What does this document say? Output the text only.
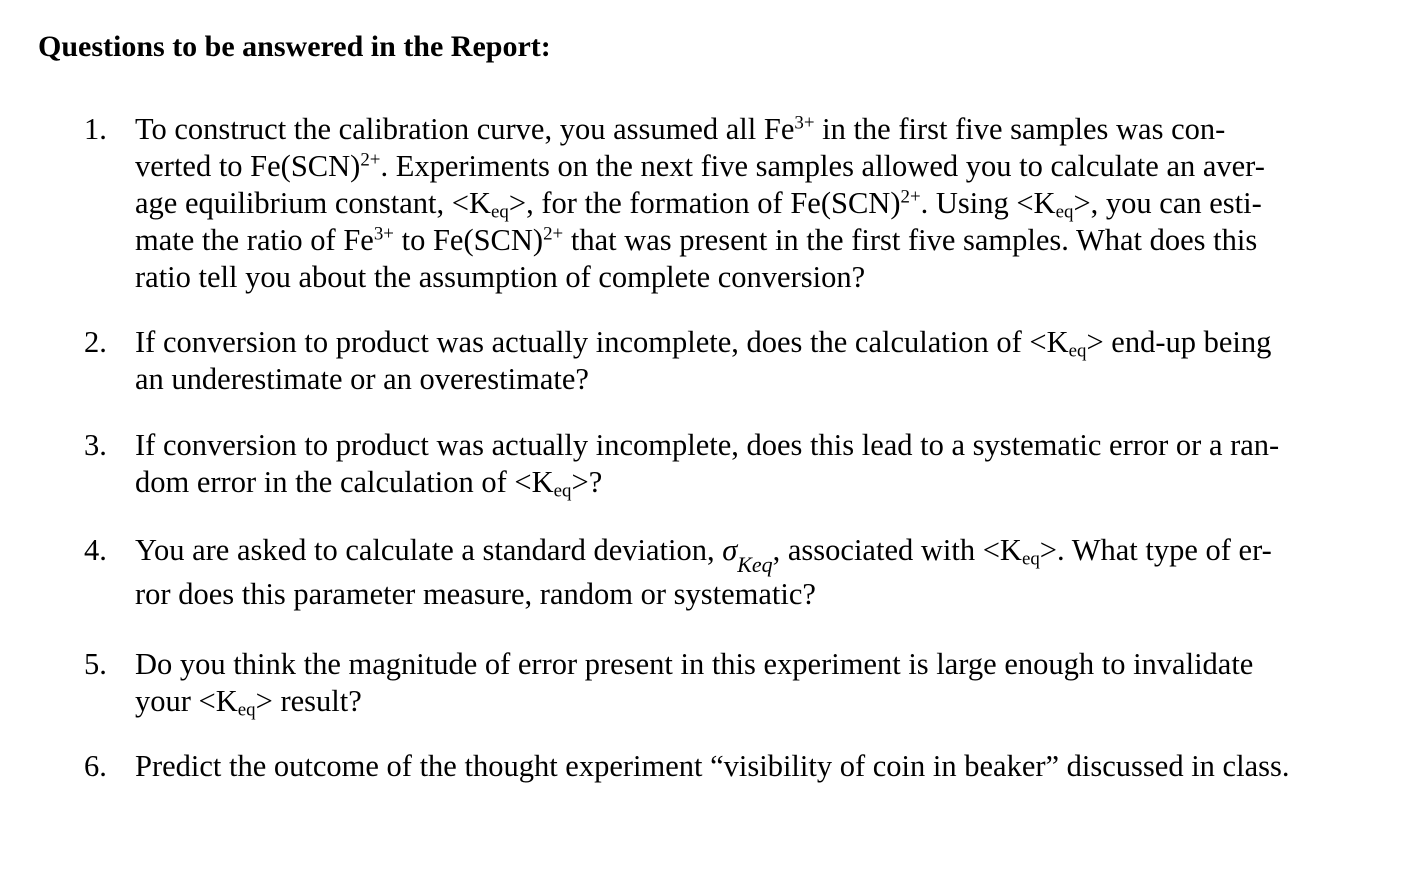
Questions to be answered in the Report:
1. To construct the calibration curve, you assumed all $Fe^{3+}$ in the first five samples was con-
verted to Fe(SCN)$^{2+}$. Experiments on the next five samples allowed you to calculate an aver-
age equilibrium constant, $<K_{eq}>$, for the formation of Fe(SCN)$^{2+}$. $Using <K_{eq}>$, you can esti-
mate the ratio of $Fe^{3+}$ to Fe(SCN)$^{2+}$ that was present in the first five samples. What does this
ratio tell you about the assumption of complete conversion?
2. If conversion to product was actually incomplete, does the calculation of $<K_{eq}> end-up$ being
an underestimate or an overestimate?
3. If conversion to product was actually incomplete, does this lead to a systematic error or a ran-
dom error in the calculation of $<K_{eq}>$?
4. You are asked to calculate a standard deviation, $\sigma_{Keq}$, associated with $<K_{eq}>$. What type of er-
ror does this parameter measure, random or systematic?
5. Do you think the magnitude of error present in this experiment is large enough to invalidate
your $<K_{eq}>$ result?
6. Predict the outcome of the thought experiment “visibility of coin in beaker” discussed in class.
